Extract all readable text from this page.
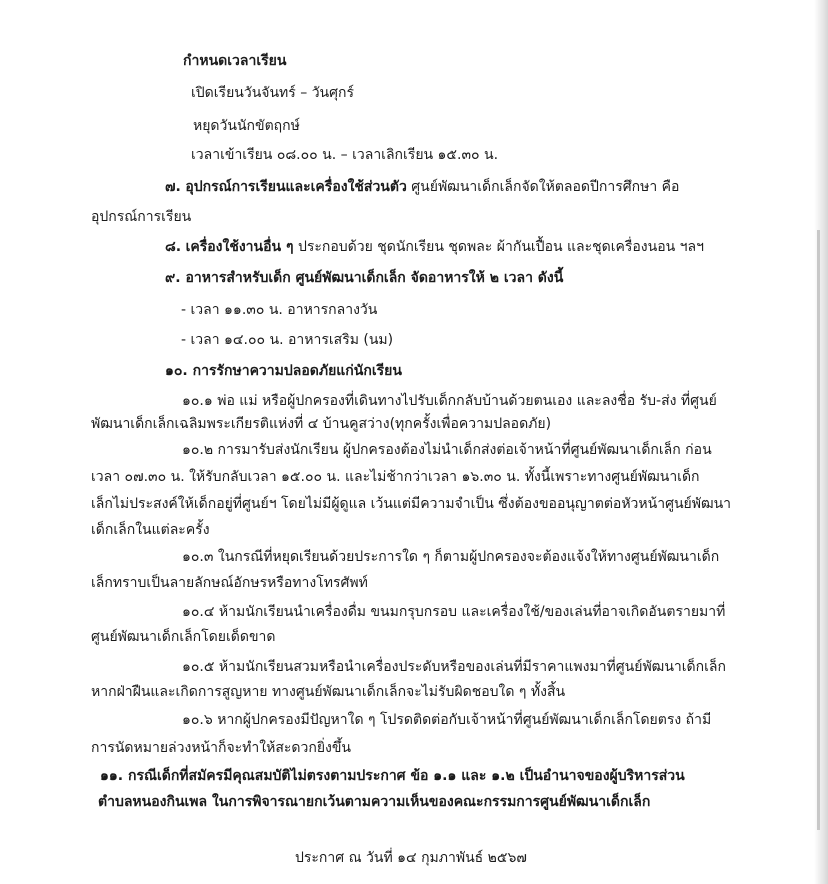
กำหนดเวลาเรียน
เปิดเรียนวันจันทร์ – วันศุกร์
หยุดวันนักขัตฤกษ์
เวลาเข้าเรียน ๐๘.๐๐ น. – เวลาเลิกเรียน ๑๕.๓๐ น.
๗. อุปกรณ์การเรียนและเครื่องใช้ส่วนตัว ศูนย์พัฒนาเด็กเล็กจัดให้ตลอดปีการศึกษา คือ
อุปกรณ์การเรียน
๘. เครื่องใช้งานอื่น ๆ ประกอบด้วย ชุดนักเรียน ชุดพละ ผ้ากันเปื้อน และชุดเครื่องนอน ฯลฯ
๙. อาหารสำหรับเด็ก ศูนย์พัฒนาเด็กเล็ก จัดอาหารให้ ๒ เวลา ดังนี้
- เวลา ๑๑.๓๐ น. อาหารกลางวัน
- เวลา ๑๔.๐๐ น. อาหารเสริม (นม)
๑๐. การรักษาความปลอดภัยแก่นักเรียน
๑๐.๑ พ่อ แม่ หรือผู้ปกครองที่เดินทางไปรับเด็กกลับบ้านด้วยตนเอง และลงชื่อ รับ-ส่ง ที่ศูนย์
พัฒนาเด็กเล็กเฉลิมพระเกียรติแห่งที่ ๔ บ้านคูสว่าง(ทุกครั้งเพื่อความปลอดภัย)
๑๐.๒ การมารับส่งนักเรียน ผู้ปกครองต้องไม่นำเด็กส่งต่อเจ้าหน้าที่ศูนย์พัฒนาเด็กเล็ก ก่อน
เวลา ๐๗.๓๐ น. ให้รับกลับเวลา ๑๕.๐๐ น. และไม่ช้ากว่าเวลา ๑๖.๓๐ น. ทั้งนี้เพราะทางศูนย์พัฒนาเด็ก
เล็กไม่ประสงค์ให้เด็กอยู่ที่ศูนย์ฯ โดยไม่มีผู้ดูแล เว้นแต่มีความจำเป็น ซึ่งต้องขออนุญาตต่อหัวหน้าศูนย์พัฒนา
เด็กเล็กในแต่ละครั้ง
๑๐.๓ ในกรณีที่หยุดเรียนด้วยประการใด ๆ ก็ตามผู้ปกครองจะต้องแจ้งให้ทางศูนย์พัฒนาเด็ก
เล็กทราบเป็นลายลักษณ์อักษรหรือทางโทรศัพท์
๑๐.๔ ห้ามนักเรียนนำเครื่องดื่ม ขนมกรุบกรอบ และเครื่องใช้/ของเล่นที่อาจเกิดอันตรายมาที่
ศูนย์พัฒนาเด็กเล็กโดยเด็ดขาด
๑๐.๕ ห้ามนักเรียนสวมหรือนำเครื่องประดับหรือของเล่นที่มีราคาแพงมาที่ศูนย์พัฒนาเด็กเล็ก
หากฝ่าฝืนและเกิดการสูญหาย ทางศูนย์พัฒนาเด็กเล็กจะไม่รับผิดชอบใด ๆ ทั้งสิ้น
๑๐.๖ หากผู้ปกครองมีปัญหาใด ๆ โปรดติดต่อกับเจ้าหน้าที่ศูนย์พัฒนาเด็กเล็กโดยตรง ถ้ามี
การนัดหมายล่วงหน้าก็จะทำให้สะดวกยิ่งขึ้น
๑๑. กรณีเด็กที่สมัครมีคุณสมบัติไม่ตรงตามประกาศ ข้อ ๑.๑ และ ๑.๒ เป็นอำนาจของผู้บริหารส่วน
ตำบลหนองกินเพล ในการพิจารณายกเว้นตามความเห็นของคณะกรรมการศูนย์พัฒนาเด็กเล็ก
ประกาศ ณ วันที่ ๑๔ กุมภาพันธ์ ๒๕๖๗
